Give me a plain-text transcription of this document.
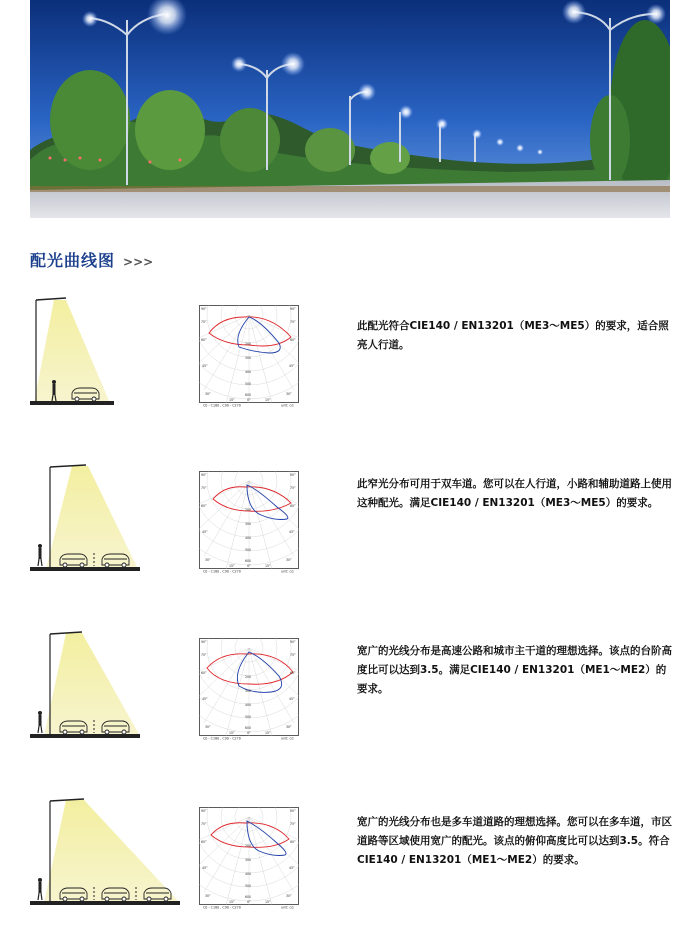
配光曲线图 >>>
90°
75°
60°
45°
30°
90°
75°
60°
45°
30°
15°	0°	15°
200
300
400
500
600
C0 - C180 , C90 - C270	unit: cd
此配光符合CIE140 / EN13201（ME3～ME5）的要求，适合照亮人行道。
90°
75°
60°
45°
30°
90°
75°
60°
45°
30°
15°	0°	15°
200
300
400
500
600
C0 - C180 , C90 - C270	unit: cd
此窄光分布可用于双车道。您可以在人行道，小路和辅助道路上使用这种配光。满足CIE140 / EN13201（ME3～ME5）的要求。
90°
75°
60°
45°
30°
90°
75°
60°
45°
30°
15°	0°	15°
200
300
400
500
600
C0 - C180 , C90 - C270	unit: cd
宽广的光线分布是高速公路和城市主干道的理想选择。该点的台阶高度比可以达到3.5。满足CIE140 / EN13201（ME1～ME2）的要求。
90°
75°
60°
45°
30°
90°
75°
60°
45°
30°
15°	0°	15°
200
300
400
500
600
C0 - C180 , C90 - C270	unit: cd
宽广的光线分布也是多车道道路的理想选择。您可以在多车道，市区道路等区域使用宽广的配光。该点的俯仰高度比可以达到3.5。符合CIE140 / EN13201（ME1～ME2）的要求。
